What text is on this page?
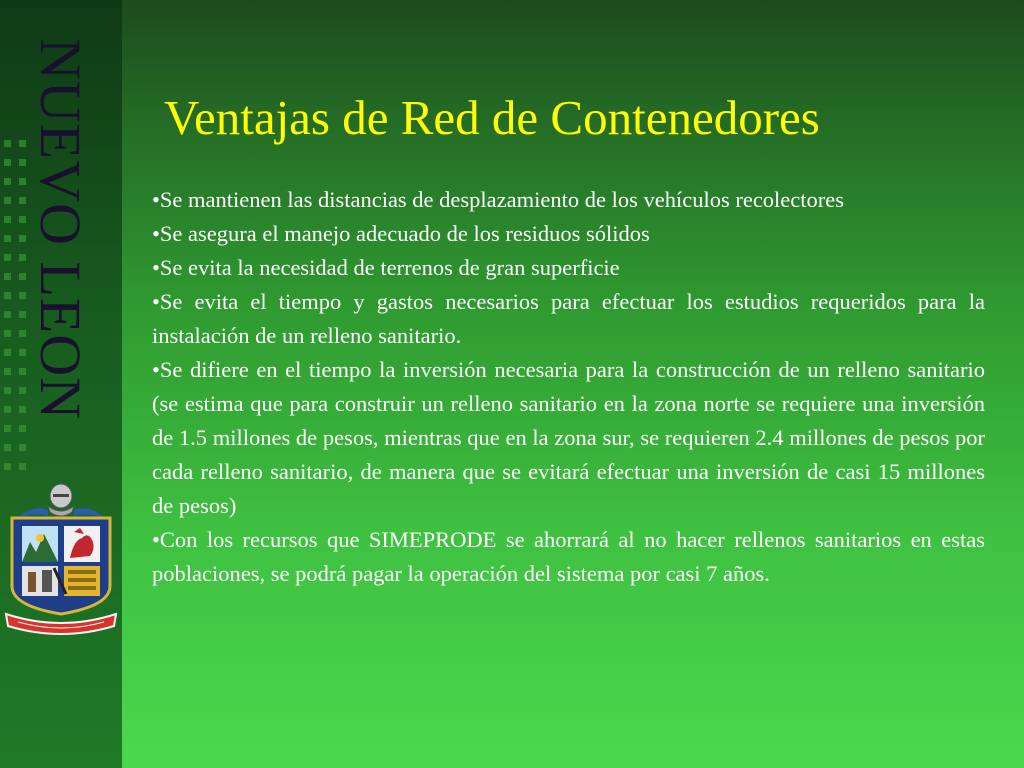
NUEVO LEON Ventajas de Red de Contenedores

•Se mantienen las distancias de desplazamiento de los vehículos recolectores

•Se asegura el manejo adecuado de los residuos sólidos

•Se evita la necesidad de terrenos de gran superficie

•Se evita el tiempo y gastos necesarios para efectuar los estudios requeridos para la instalación de un relleno sanitario.

•Se difiere en el tiempo la inversión necesaria para la construcción de un relleno sanitario (se estima que para construir un relleno sanitario en la zona norte se requiere una inversión de 1.5 millones de pesos, mientras que en la zona sur, se requieren 2.4 millones de pesos por cada relleno sanitario, de manera que se evitará efectuar una inversión de casi 15 millones de pesos)

•Con los recursos que SIMEPRODE se ahorrará al no hacer rellenos sanitarios en estas poblaciones, se podrá pagar la operación del sistema por casi 7 años.
